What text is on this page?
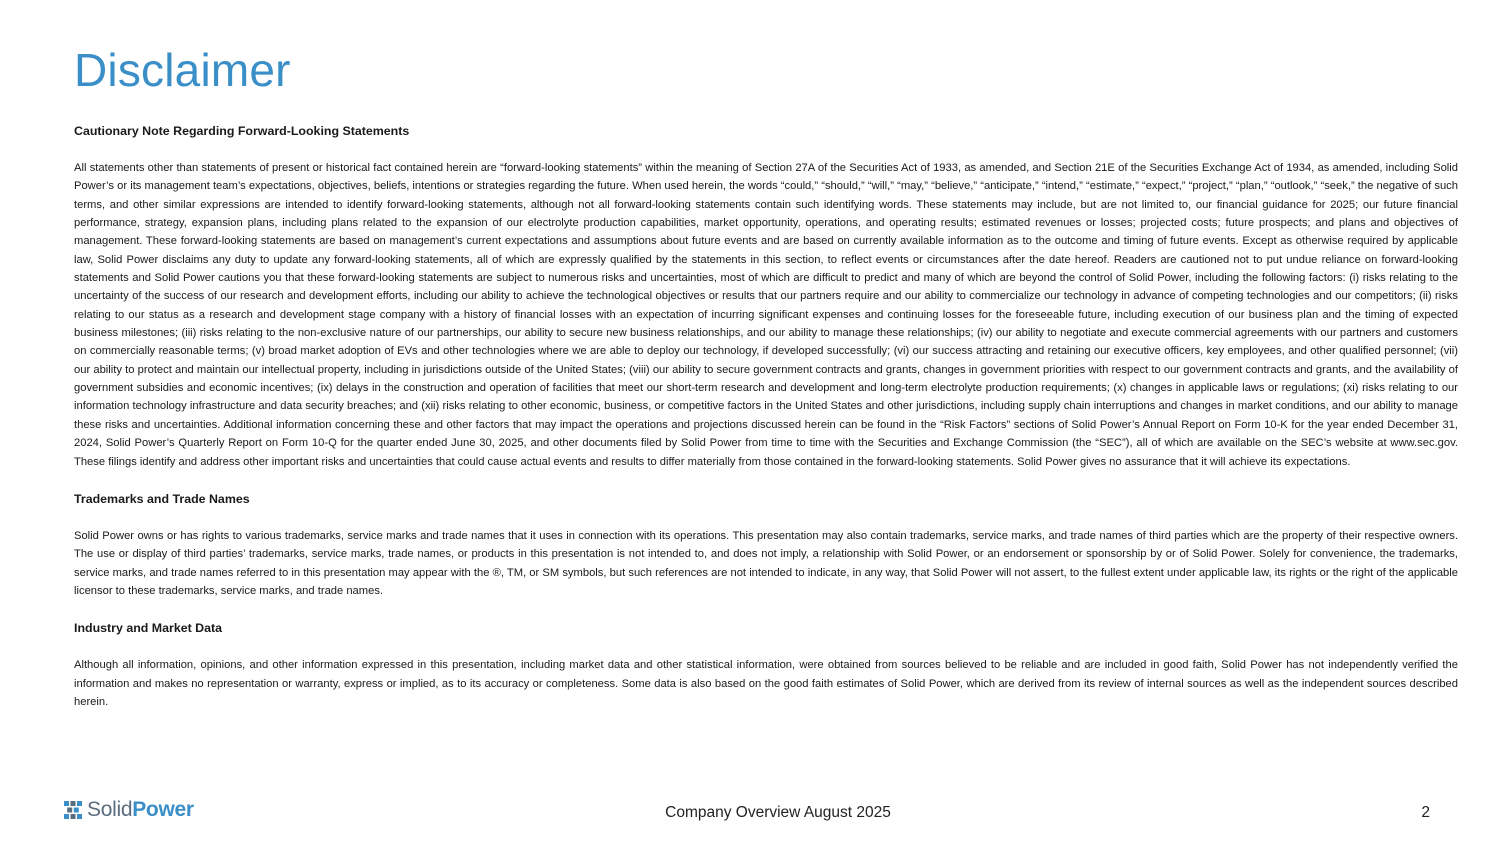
Disclaimer
Cautionary Note Regarding Forward-Looking Statements

All statements other than statements of present or historical fact contained herein are “forward-looking statements” within the meaning of Section 27A of the Securities Act of 1933, as amended, and Section 21E of the Securities Exchange Act of 1934, as amended, including Solid Power’s or its management team’s expectations, objectives, beliefs, intentions or strategies regarding the future. When used herein, the words “could,” “should,” “will,” “may,” “believe,” “anticipate,” “intend,” “estimate,” “expect,” “project,” “plan,” “outlook,” “seek,” the negative of such terms, and other similar expressions are intended to identify forward-looking statements, although not all forward-looking statements contain such identifying words. These statements may include, but are not limited to, our financial guidance for 2025; our future financial performance, strategy, expansion plans, including plans related to the expansion of our electrolyte production capabilities, market opportunity, operations, and operating results; estimated revenues or losses; projected costs; future prospects; and plans and objectives of management. These forward-looking statements are based on management’s current expectations and assumptions about future events and are based on currently available information as to the outcome and timing of future events. Except as otherwise required by applicable law, Solid Power disclaims any duty to update any forward-looking statements, all of which are expressly qualified by the statements in this section, to reflect events or circumstances after the date hereof. Readers are cautioned not to put undue reliance on forward-looking statements and Solid Power cautions you that these forward-looking statements are subject to numerous risks and uncertainties, most of which are difficult to predict and many of which are beyond the control of Solid Power, including the following factors: (i) risks relating to the uncertainty of the success of our research and development efforts, including our ability to achieve the technological objectives or results that our partners require and our ability to commercialize our technology in advance of competing technologies and our competitors; (ii) risks relating to our status as a research and development stage company with a history of financial losses with an expectation of incurring significant expenses and continuing losses for the foreseeable future, including execution of our business plan and the timing of expected business milestones; (iii) risks relating to the non-exclusive nature of our partnerships, our ability to secure new business relationships, and our ability to manage these relationships; (iv) our ability to negotiate and execute commercial agreements with our partners and customers on commercially reasonable terms; (v) broad market adoption of EVs and other technologies where we are able to deploy our technology, if developed successfully; (vi) our success attracting and retaining our executive officers, key employees, and other qualified personnel; (vii) our ability to protect and maintain our intellectual property, including in jurisdictions outside of the United States; (viii) our ability to secure government contracts and grants, changes in government priorities with respect to our government contracts and grants, and the availability of government subsidies and economic incentives; (ix) delays in the construction and operation of facilities that meet our short-term research and development and long-term electrolyte production requirements; (x) changes in applicable laws or regulations; (xi) risks relating to our information technology infrastructure and data security breaches; and (xii) risks relating to other economic, business, or competitive factors in the United States and other jurisdictions, including supply chain interruptions and changes in market conditions, and our ability to manage these risks and uncertainties. Additional information concerning these and other factors that may impact the operations and projections discussed herein can be found in the “Risk Factors” sections of Solid Power’s Annual Report on Form 10-K for the year ended December 31, 2024, Solid Power’s Quarterly Report on Form 10-Q for the quarter ended June 30, 2025, and other documents filed by Solid Power from time to time with the Securities and Exchange Commission (the “SEC”), all of which are available on the SEC’s website at www.sec.gov. These filings identify and address other important risks and uncertainties that could cause actual events and results to differ materially from those contained in the forward-looking statements. Solid Power gives no assurance that it will achieve its expectations.

Trademarks and Trade Names

Solid Power owns or has rights to various trademarks, service marks and trade names that it uses in connection with its operations. This presentation may also contain trademarks, service marks, and trade names of third parties which are the property of their respective owners. The use or display of third parties’ trademarks, service marks, trade names, or products in this presentation is not intended to, and does not imply, a relationship with Solid Power, or an endorsement or sponsorship by or of Solid Power. Solely for convenience, the trademarks, service marks, and trade names referred to in this presentation may appear with the ®, TM, or SM symbols, but such references are not intended to indicate, in any way, that Solid Power will not assert, to the fullest extent under applicable law, its rights or the right of the applicable licensor to these trademarks, service marks, and trade names.

Industry and Market Data

Although all information, opinions, and other information expressed in this presentation, including market data and other statistical information, were obtained from sources believed to be reliable and are included in good faith, Solid Power has not independently verified the information and makes no representation or warranty, express or implied, as to its accuracy or completeness. Some data is also based on the good faith estimates of Solid Power, which are derived from its review of internal sources as well as the independent sources described herein.

Solid Power	Company Overview August 2025	2
